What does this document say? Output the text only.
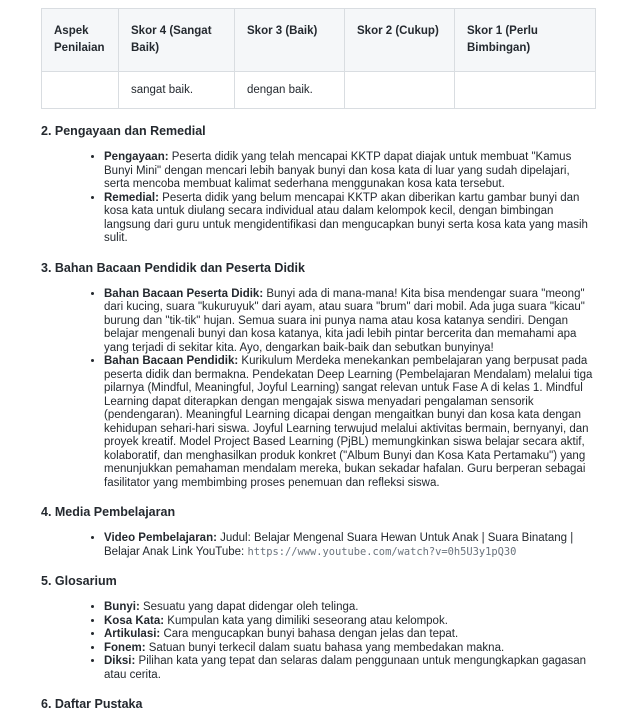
Aspek Penilaian	Skor 4 (Sangat Baik)	Skor 3 (Baik)	Skor 2 (Cukup)	Skor 1 (Perlu Bimbingan)
	sangat baik.	dengan baik.		
2. Pengayaan dan Remedial
• Pengayaan: Peserta didik yang telah mencapai KKTP dapat diajak untuk membuat "Kamus Bunyi Mini" dengan mencari lebih banyak bunyi dan kosa kata di luar yang sudah dipelajari, serta mencoba membuat kalimat sederhana menggunakan kosa kata tersebut.
• Remedial: Peserta didik yang belum mencapai KKTP akan diberikan kartu gambar bunyi dan kosa kata untuk diulang secara individual atau dalam kelompok kecil, dengan bimbingan langsung dari guru untuk mengidentifikasi dan mengucapkan bunyi serta kosa kata yang masih sulit.
3. Bahan Bacaan Pendidik dan Peserta Didik
• Bahan Bacaan Peserta Didik: Bunyi ada di mana-mana! Kita bisa mendengar suara "meong" dari kucing, suara "kukuruyuk" dari ayam, atau suara "brum" dari mobil. Ada juga suara "kicau" burung dan "tik-tik" hujan. Semua suara ini punya nama atau kosa katanya sendiri. Dengan belajar mengenali bunyi dan kosa katanya, kita jadi lebih pintar bercerita dan memahami apa yang terjadi di sekitar kita. Ayo, dengarkan baik-baik dan sebutkan bunyinya!
• Bahan Bacaan Pendidik: Kurikulum Merdeka menekankan pembelajaran yang berpusat pada peserta didik dan bermakna. Pendekatan Deep Learning (Pembelajaran Mendalam) melalui tiga pilarnya (Mindful, Meaningful, Joyful Learning) sangat relevan untuk Fase A di kelas 1. Mindful Learning dapat diterapkan dengan mengajak siswa menyadari pengalaman sensorik (pendengaran). Meaningful Learning dicapai dengan mengaitkan bunyi dan kosa kata dengan kehidupan sehari-hari siswa. Joyful Learning terwujud melalui aktivitas bermain, bernyanyi, dan proyek kreatif. Model Project Based Learning (PjBL) memungkinkan siswa belajar secara aktif, kolaboratif, dan menghasilkan produk konkret ("Album Bunyi dan Kosa Kata Pertamaku") yang menunjukkan pemahaman mendalam mereka, bukan sekadar hafalan. Guru berperan sebagai fasilitator yang membimbing proses penemuan dan refleksi siswa.
4. Media Pembelajaran
• Video Pembelajaran: Judul: Belajar Mengenal Suara Hewan Untuk Anak | Suara Binatang | Belajar Anak Link YouTube: https://www.youtube.com/watch?v=0h5U3y1pQ30
5. Glosarium
• Bunyi: Sesuatu yang dapat didengar oleh telinga.
• Kosa Kata: Kumpulan kata yang dimiliki seseorang atau kelompok.
• Artikulasi: Cara mengucapkan bunyi bahasa dengan jelas dan tepat.
• Fonem: Satuan bunyi terkecil dalam suatu bahasa yang membedakan makna.
• Diksi: Pilihan kata yang tepat dan selaras dalam penggunaan untuk mengungkapkan gagasan atau cerita.
6. Daftar Pustaka
